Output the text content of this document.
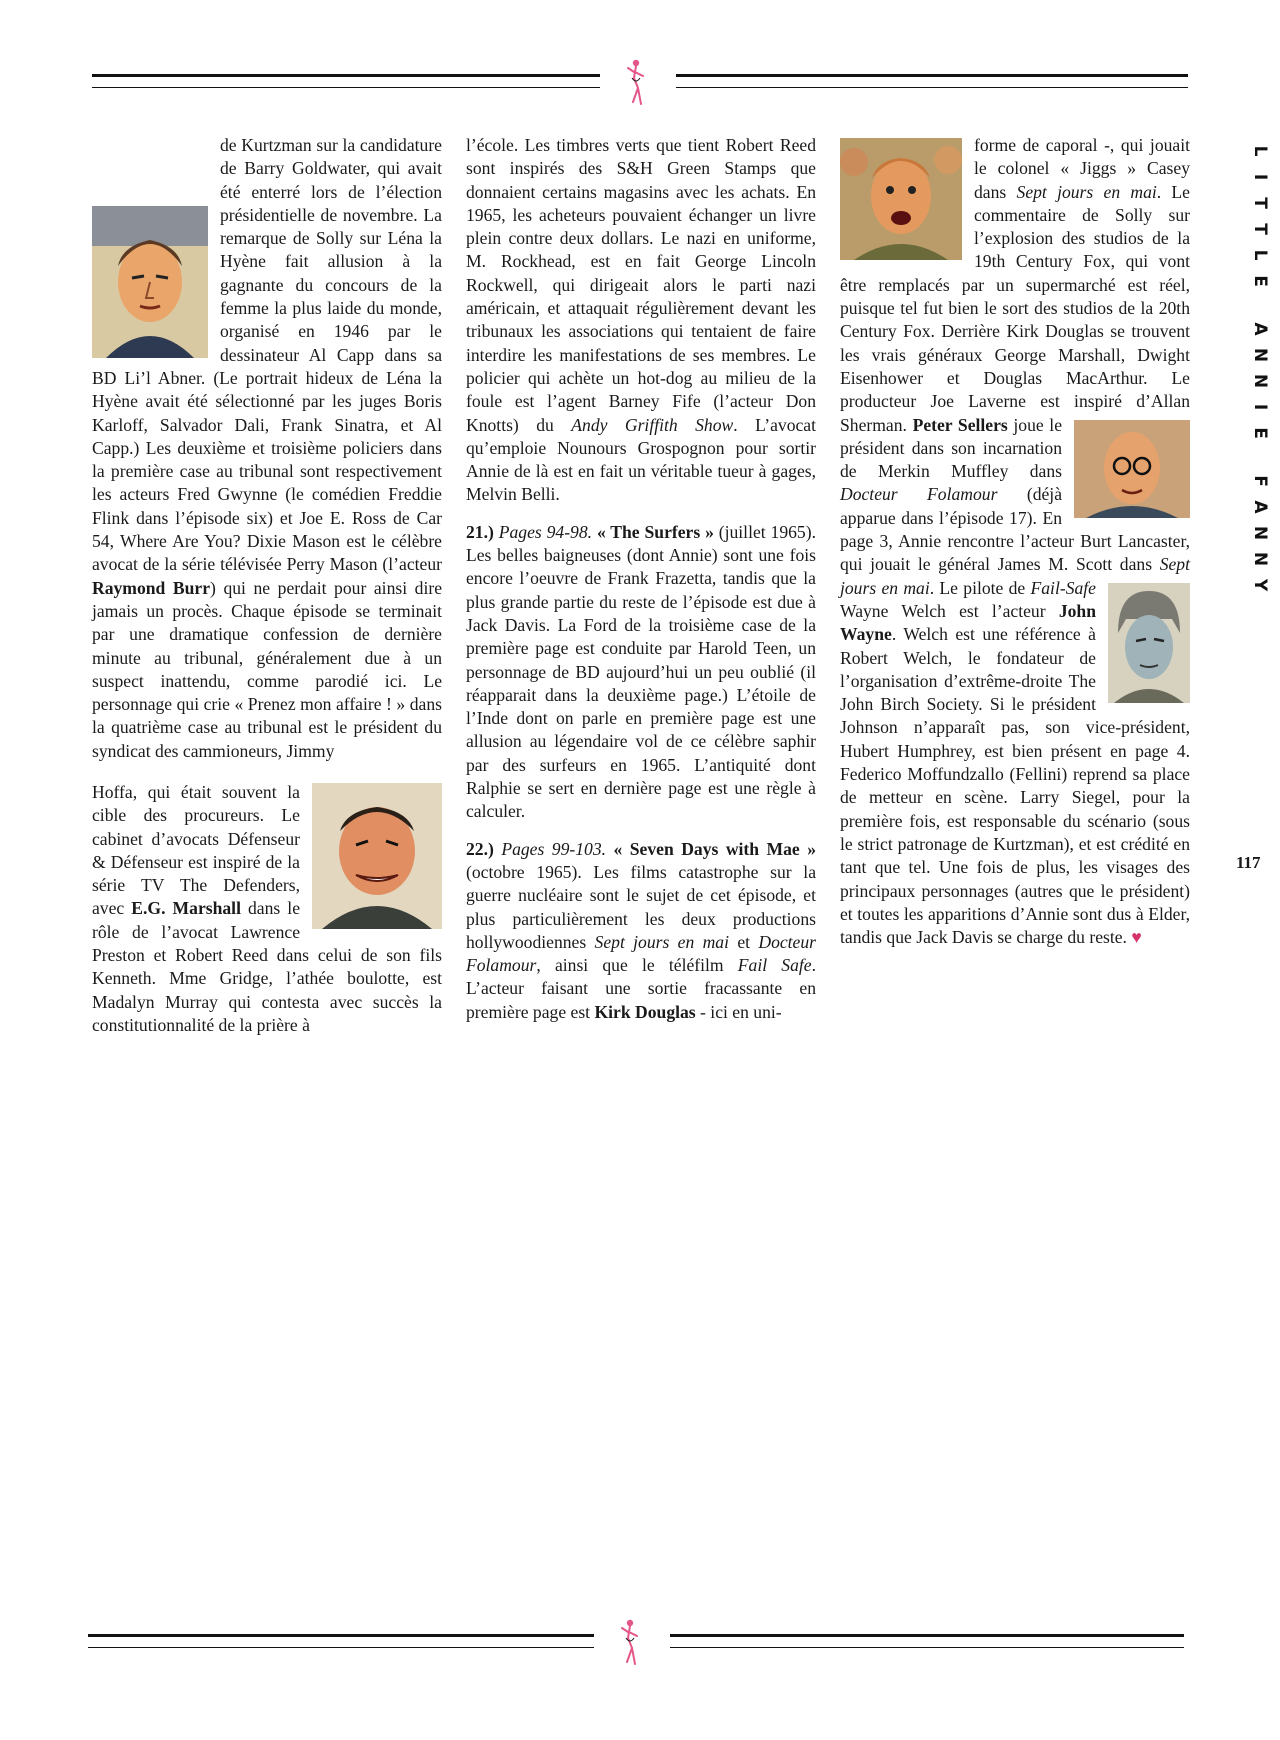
de Kurtzman sur la candidature de Barry Goldwater, qui avait été enterré lors de l’élection présidentielle de novembre. La remarque de Solly sur Léna la Hyène fait allusion à la gagnante du concours de la femme la plus laide du monde, organisé en 1946 par le dessinateur Al Capp dans sa BD Li’l Abner. (Le portrait hideux de Léna la Hyène avait été sélectionné par les juges Boris Karloff, Salvador Dali, Frank Sinatra, et Al Capp.) Les deuxième et troisième policiers dans la première case au tribunal sont respectivement les acteurs Fred Gwynne (le comédien Freddie Flink dans l’épisode six) et Joe E. Ross de Car 54, Where Are You? Dixie Mason est le célèbre avocat de la série télévisée Perry Mason (l’acteur Raymond Burr) qui ne perdait pour ainsi dire jamais un procès. Chaque épisode se terminait par une dramatique confession de dernière minute au tribunal, généralement due à un suspect inattendu, comme parodié ici. Le personnage qui crie « Prenez mon affaire ! » dans la quatrième case au tribunal est le président du syndicat des cammioneurs, Jimmy

Hoffa, qui était souvent la cible des procureurs. Le cabinet d’avocats Défenseur & Défenseur est inspiré de la série TV The Defenders, avec E.G. Marshall dans le rôle de l’avocat Lawrence Preston et Robert Reed dans celui de son fils Kenneth. Mme Gridge, l’athée boulotte, est Madalyn Murray qui contesta avec succès la constitutionnalité de la prière à

l’école. Les timbres verts que tient Robert Reed sont inspirés des S&H Green Stamps que donnaient certains magasins avec les achats. En 1965, les acheteurs pouvaient échanger un livre plein contre deux dollars. Le nazi en uniforme, M. Rockhead, est en fait George Lincoln Rockwell, qui dirigeait alors le parti nazi américain, et attaquait régulièrement devant les tribunaux les associations qui tentaient de faire interdire les manifestations de ses membres. Le policier qui achète un hot-dog au milieu de la foule est l’agent Barney Fife (l’acteur Don Knotts) du Andy Griffith Show. L’avocat qu’emploie Nounours Grospognon pour sortir Annie de là est en fait un véritable tueur à gages, Melvin Belli.

21.) Pages 94-98. « The Surfers » (juillet 1965). Les belles baigneuses (dont Annie) sont une fois encore l’oeuvre de Frank Frazetta, tandis que la plus grande partie du reste de l’épisode est due à Jack Davis. La Ford de la troisième case de la première page est conduite par Harold Teen, un personnage de BD aujourd’hui un peu oublié (il réapparait dans la deuxième page.) L’étoile de l’Inde dont on parle en première page est une allusion au légendaire vol de ce célèbre saphir par des surfeurs en 1965. L’antiquité dont Ralphie se sert en dernière page est une règle à calculer.

22.) Pages 99-103. « Seven Days with Mae » (octobre 1965). Les films catastrophe sur la guerre nucléaire sont le sujet de cet épisode, et plus particulièrement les deux productions hollywoodiennes Sept jours en mai et Docteur Folamour, ainsi que le téléfilm Fail Safe. L’acteur faisant une sortie fracassante en première page est Kirk Douglas - ici en uni-

forme de caporal -, qui jouait le colonel « Jiggs » Casey dans Sept jours en mai. Le commentaire de Solly sur l’explosion des studios de la 19th Century Fox, qui vont être remplacés par un supermarché est réel, puisque tel fut bien le sort des studios de la 20th Century Fox. Derrière Kirk Douglas se trouvent les vrais généraux George Marshall, Dwight Eisenhower et Douglas MacArthur. Le producteur Joe Laverne est inspiré d’Allan Sherman.
Peter Sellers joue le président dans son incarnation de Merkin Muffley dans Docteur Folamour (déjà apparue dans l’épisode 17). En page 3, Annie rencontre l’acteur Burt Lancaster, qui jouait le général James M. Scott dans Sept jours en mai. Le pilote de Fail-Safe
Wayne Welch est l’acteur John Wayne. Welch est une référence à Robert Welch, le fondateur de l’organisation d’extrême-droite The John Birch Society. Si le président Johnson n’apparaît pas, son vice-président, Hubert Humphrey, est bien présent en page 4. Federico Moffundzallo (Fellini) reprend sa place de metteur en scène. Larry Siegel, pour la première fois, est responsable du scénario (sous le strict patronage de Kurtzman), et est crédité en tant que tel. Une fois de plus, les visages des principaux personnages (autres que le président) et toutes les apparitions d’Annie sont dus à Elder, tandis que Jack Davis se charge du reste. ♥

L
I
T
T
L
E
A
N
N
I
E
F
A
N
N
Y
117
